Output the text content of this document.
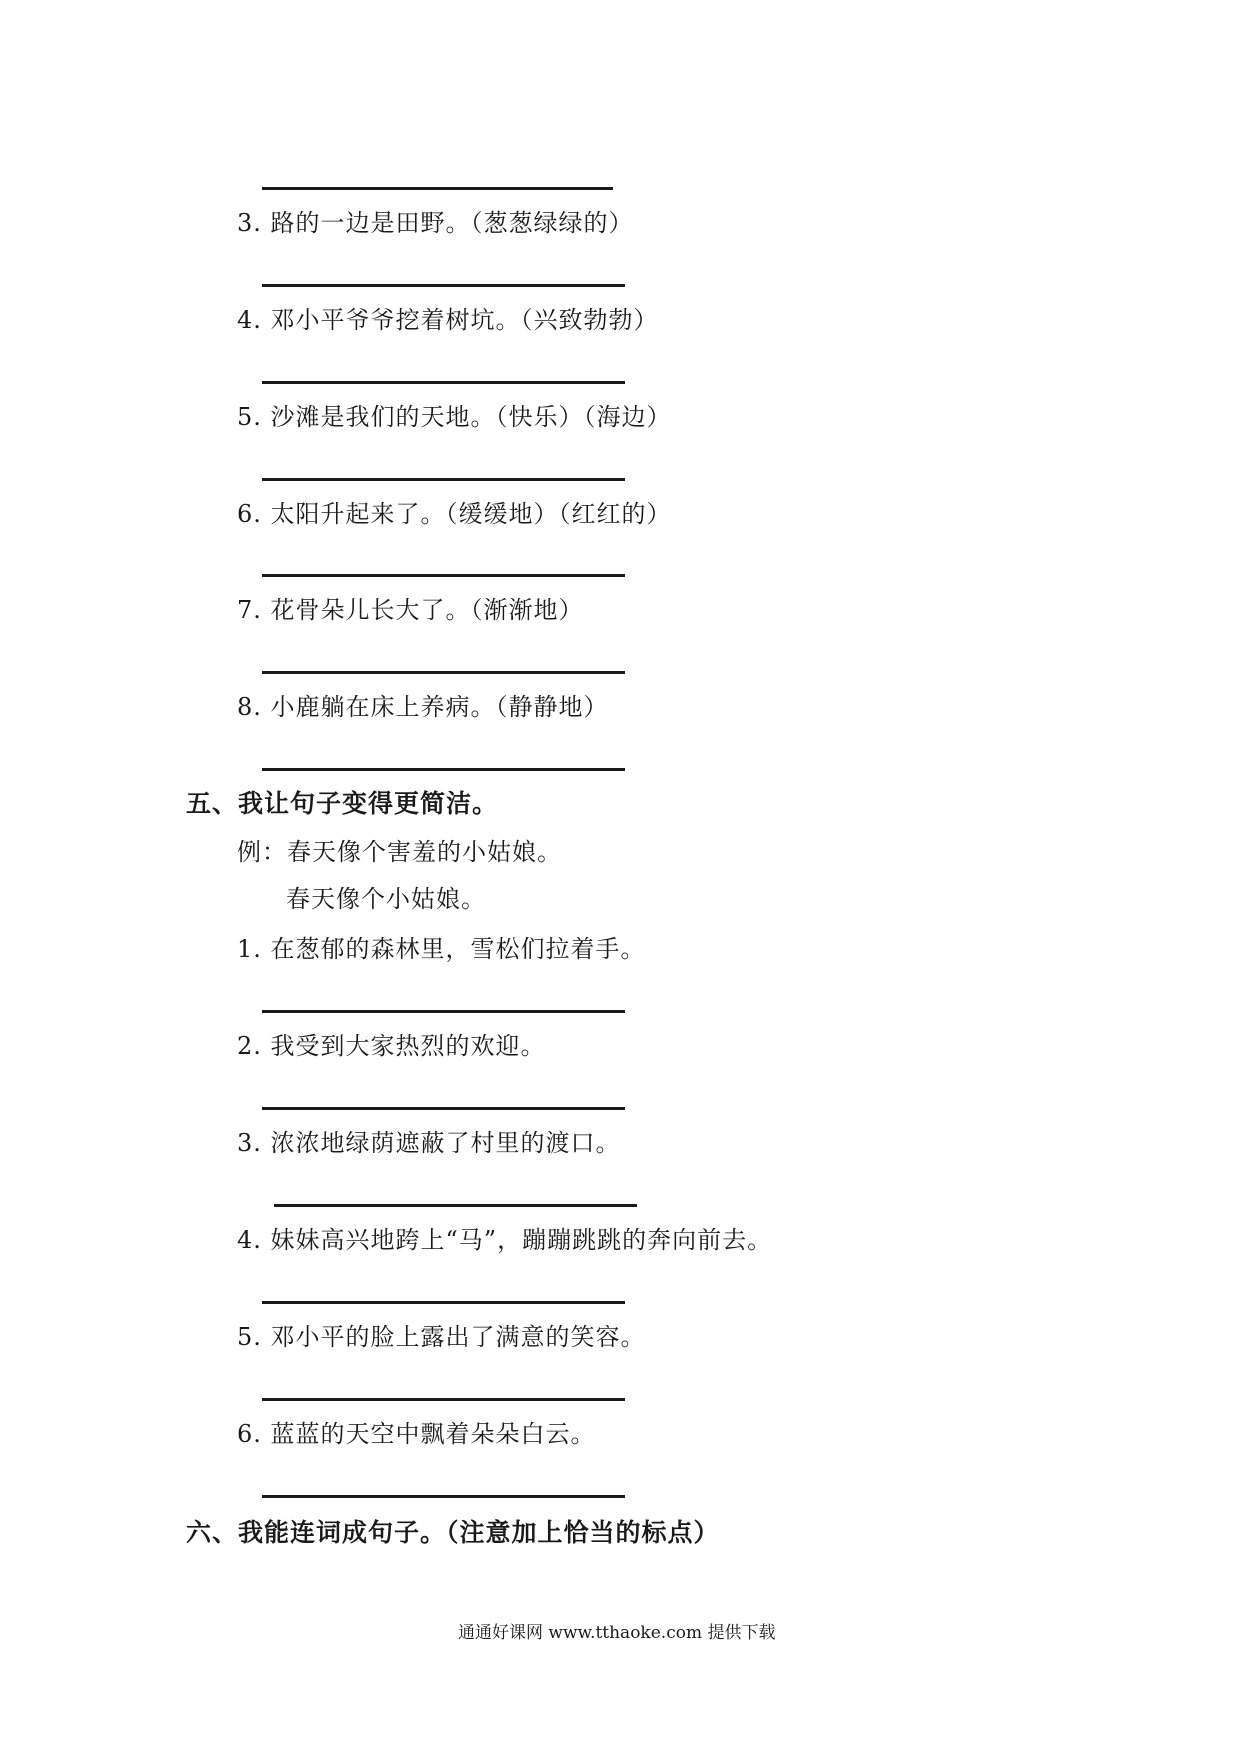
3. 路的一边是田野。（葱葱绿绿的）
4. 邓小平爷爷挖着树坑。（兴致勃勃）
5. 沙滩是我们的天地。（快乐）（海边）
6. 太阳升起来了。（缓缓地）（红红的）
7. 花骨朵儿长大了。（渐渐地）
8. 小鹿躺在床上养病。（静静地）
五、我让句子变得更简洁。
例：春天像个害羞的小姑娘。
春天像个小姑娘。
1. 在葱郁的森林里，雪松们拉着手。
2. 我受到大家热烈的欢迎。
3. 浓浓地绿荫遮蔽了村里的渡口。
4. 妹妹高兴地跨上“马”，蹦蹦跳跳的奔向前去。
5. 邓小平的脸上露出了满意的笑容。
6. 蓝蓝的天空中飘着朵朵白云。
六、我能连词成句子。（注意加上恰当的标点）
通通好课网 www.tthaoke.com 提供下载
